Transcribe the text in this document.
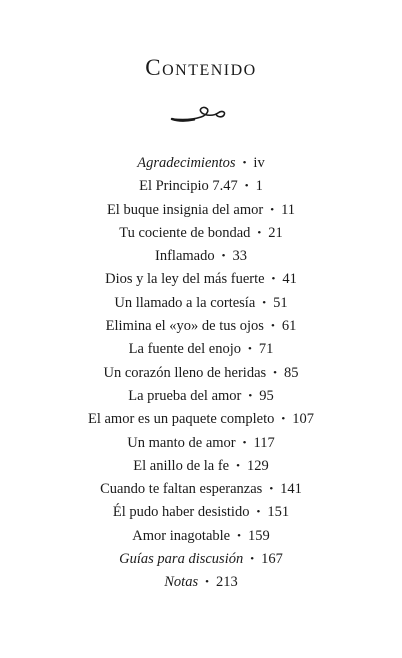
Contenido
Agradecimientos • iv
El Principio 7.47 • 1
El buque insignia del amor • 11
Tu cociente de bondad • 21
Inflamado • 33
Dios y la ley del más fuerte • 41
Un llamado a la cortesía • 51
Elimina el «yo» de tus ojos • 61
La fuente del enojo • 71
Un corazón lleno de heridas • 85
La prueba del amor • 95
El amor es un paquete completo • 107
Un manto de amor • 117
El anillo de la fe • 129
Cuando te faltan esperanzas • 141
Él pudo haber desistido • 151
Amor inagotable • 159
Guías para discusión • 167
Notas • 213
